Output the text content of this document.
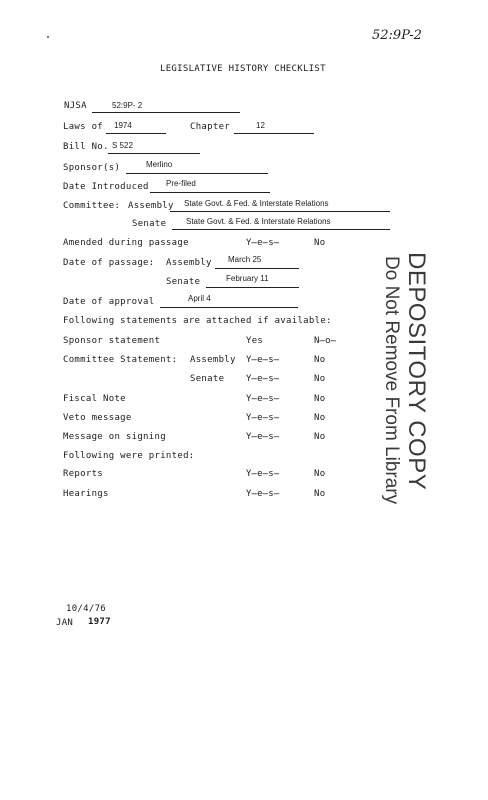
52:9P-2
LEGISLATIVE HISTORY CHECKLIST
NJSA	52:9P- 2
Laws of 1974	Chapter	12
Bill No. S 522
Sponsor(s)	Merlino
Date Introduced Pre-filed
Committee: Assembly State Govt. & Fed. & Interstate Relations
Senate State Govt. & Fed. & Interstate Relations
Amended during passage	Y̶e̶s̶	No
Date of passage: Assembly March 25
Senate	February 11
Date of approval	April 4
Following statements are attached if available:
Sponsor statement	Yes	N̶o̶
Committee Statement: Assembly Y̶e̶s̶	No
Senate Y̶e̶s̶	No
Fiscal Note	Y̶e̶s̶	No
Veto message	Y̶e̶s̶	No
Message on signing	Y̶e̶s̶	No
Following were printed:
Reports	Y̶e̶s̶	No
Hearings	Y̶e̶s̶	No
DEPOSITORY COPY
Do Not Remove From Library
10/4/76
JAN 1977
